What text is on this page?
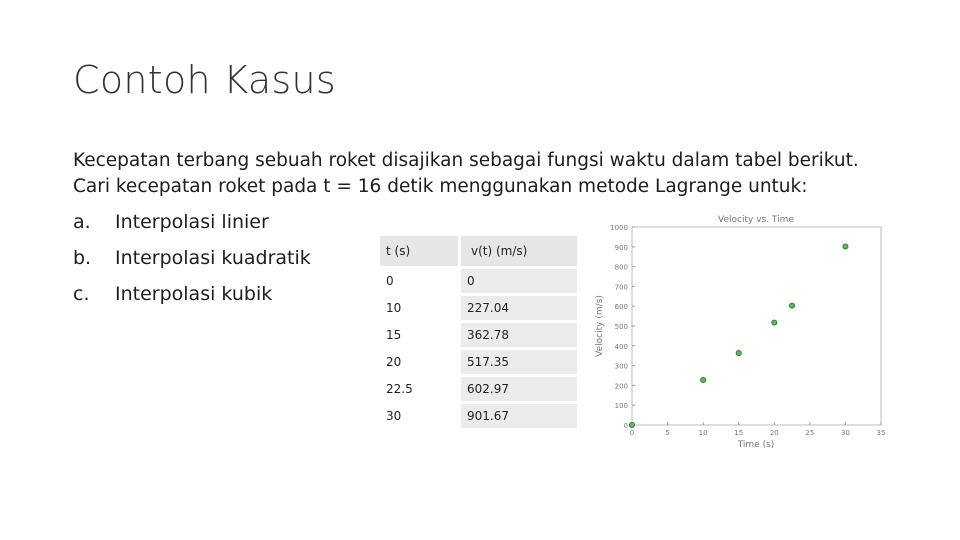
Contoh Kasus
Kecepatan terbang sebuah roket disajikan sebagai fungsi waktu dalam tabel berikut.
Cari kecepatan roket pada t = 16 detik menggunakan metode Lagrange untuk:
a.	Interpolasi linier
b.	Interpolasi kuadratik
c.	Interpolasi kubik
t (s)	v(t) (m/s)
0	0
10	227.04
15	362.78
20	517.35
22.5	602.97
30	901.67
Velocity vs. Time
0
100
200
300
400
500
600
700
800
900
1000
0	5	10	15	20	25	30	35
Time (s)
Velocity (m/s)
